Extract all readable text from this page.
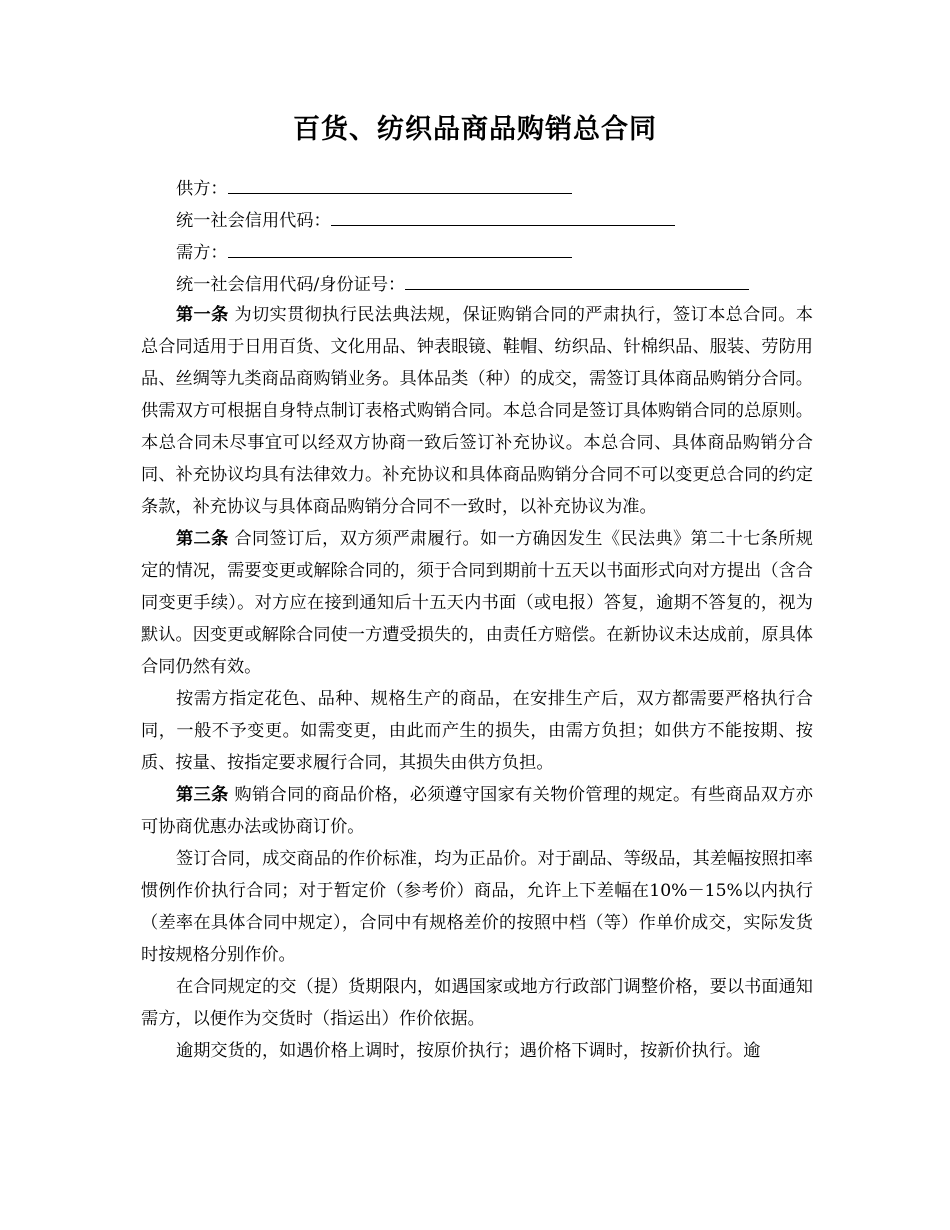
百货、纺织品商品购销总合同

供方：

统一社会信用代码：

需方：

统一社会信用代码/身份证号：

第一条 为切实贯彻执行民法典法规，保证购销合同的严肃执行，签订本总合同。本总合同适用于日用百货、文化用品、钟表眼镜、鞋帽、纺织品、针棉织品、服装、劳防用品、丝绸等九类商品商购销业务。具体品类（种）的成交，需签订具体商品购销分合同。供需双方可根据自身特点制订表格式购销合同。本总合同是签订具体购销合同的总原则。本总合同未尽事宜可以经双方协商一致后签订补充协议。本总合同、具体商品购销分合同、补充协议均具有法律效力。补充协议和具体商品购销分合同不可以变更总合同的约定条款，补充协议与具体商品购销分合同不一致时，以补充协议为准。

第二条 合同签订后，双方须严肃履行。如一方确因发生《民法典》第二十七条所规定的情况，需要变更或解除合同的，须于合同到期前十五天以书面形式向对方提出（含合同变更手续）。对方应在接到通知后十五天内书面（或电报）答复，逾期不答复的，视为默认。因变更或解除合同使一方遭受损失的，由责任方赔偿。在新协议未达成前，原具体合同仍然有效。

按需方指定花色、品种、规格生产的商品，在安排生产后，双方都需要严格执行合同，一般不予变更。如需变更，由此而产生的损失，由需方负担；如供方不能按期、按质、按量、按指定要求履行合同，其损失由供方负担。

第三条 购销合同的商品价格，必须遵守国家有关物价管理的规定。有些商品双方亦可协商优惠办法或协商订价。

签订合同，成交商品的作价标准，均为正品价。对于副品、等级品，其差幅按照扣率惯例作价执行合同；对于暂定价（参考价）商品，允许上下差幅在10%－15%以内执行（差率在具体合同中规定），合同中有规格差价的按照中档（等）作单价成交，实际发货时按规格分别作价。

在合同规定的交（提）货期限内，如遇国家或地方行政部门调整价格，要以书面通知需方，以便作为交货时（指运出）作价依据。

逾期交货的，如遇价格上调时，按原价执行；遇价格下调时，按新价执行。逾
